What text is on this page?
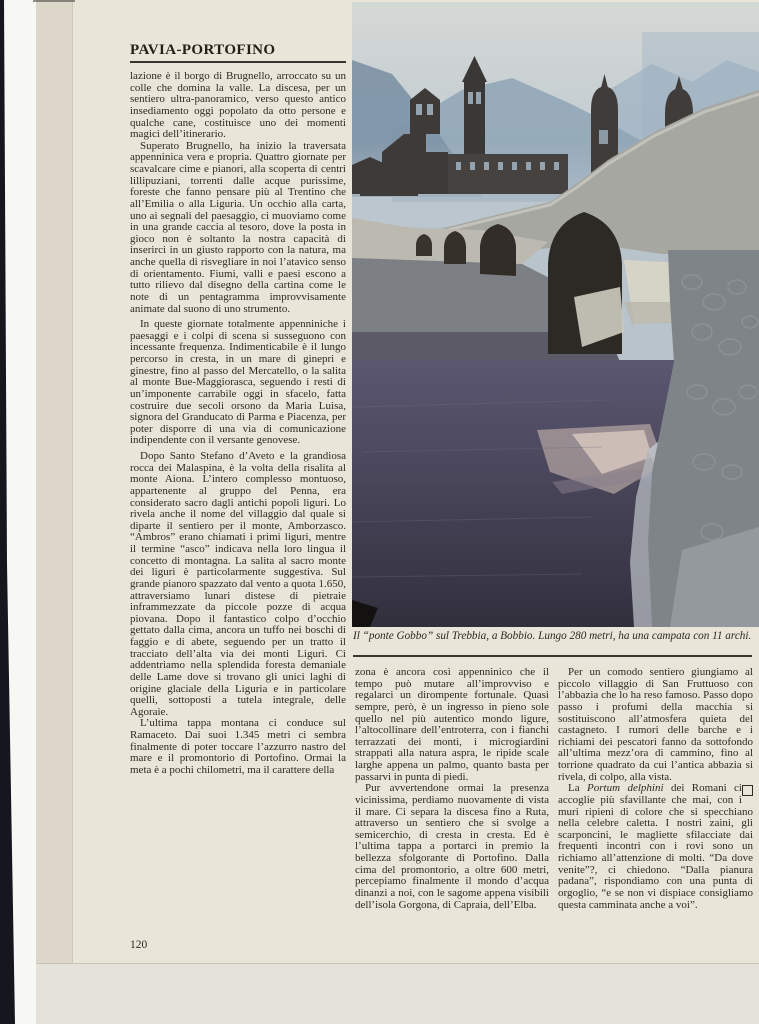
PAVIA-PORTOFINO

lazione è il borgo di Brugnello, arroccato su un colle che domina la valle. La discesa, per un sentiero ultra-panoramico, verso questo antico insediamento oggi popolato da otto persone e qualche cane, costituisce uno dei momenti magici dell’itinerario.

Superato Brugnello, ha inizio la traversata appenninica vera e propria. Quattro giornate per scavalcare cime e pianori, alla scoperta di centri lillipuziani, torrenti dalle acque purissime, foreste che fanno pensare più al Trentino che all’Emilia o alla Liguria. Un occhio alla carta, uno ai segnali del paesaggio, ci muoviamo come in una grande caccia al tesoro, dove la posta in gioco non è soltanto la nostra capacità di inserirci in un giusto rapporto con la natura, ma anche quella di risvegliare in noi l’atavico senso di orientamento. Fiumi, valli e paesi escono a tutto rilievo dal disegno della cartina come le note di un pentagramma improvvisamente animate dal suono di uno strumento.

In queste giornate totalmente appenniniche i paesaggi e i colpi di scena si susseguono con incessante frequenza. Indimenticabile è il lungo percorso in cresta, in un mare di ginepri e ginestre, fino al passo del Mercatello, o la salita al monte Bue-Maggiorasca, seguendo i resti di un’imponente carrabile oggi in sfacelo, fatta costruire due secoli orsono da Maria Luisa, signora del Granducato di Parma e Piacenza, per poter disporre di una via di comunicazione indipendente con il versante genovese.

Dopo Santo Stefano d’Aveto e la grandiosa rocca dei Malaspina, è la volta della risalita al monte Aiona. L’intero complesso montuoso, appartenente al gruppo del Penna, era considerato sacro dagli antichi popoli liguri. Lo rivela anche il nome del villaggio dal quale si diparte il sentiero per il monte, Amborzasco. “Ambros” erano chiamati i primi liguri, mentre il termine “asco” indicava nella loro lingua il concetto di montagna. La salita al sacro monte dei liguri è particolarmente suggestiva. Sul grande pianoro spazzato dal vento a quota 1.650, attraversiamo lunari distese di pietraie inframmezzate da piccole pozze di acqua piovana. Dopo il fantastico colpo d’occhio gettato dalla cima, ancora un tuffo nei boschi di faggio e di abete, seguendo per un tratto il tracciato dell’alta via dei monti Liguri. Ci addentriamo nella splendida foresta demaniale delle Lame dove si trovano gli unici laghi di origine glaciale della Liguria e in particolare quelli, sottoposti a tutela integrale, delle Agoraie.

L’ultima tappa montana ci conduce sul Ramaceto. Dai suoi 1.345 metri ci sembra finalmente di poter toccare l’azzurro nastro del mare e il promontorio di Portofino. Ormai la meta è a pochi chilometri, ma il carattere della

Il “ponte Gobbo” sul Trebbia, a Bobbio. Lungo 280 metri, ha una campata con 11 archi.

zona è ancora così appenninico che il tempo può mutare all’improvviso e regalarci un dirompente fortunale. Quasi sempre, però, è un ingresso in pieno sole quello nel più autentico mondo ligure, l’altocollinare dell’entroterra, con i fianchi terrazzati dei monti, i microgiardini strappati alla natura aspra, le ripide scale larghe appena un palmo, quanto basta per passarvi in punta di piedi.

Pur avvertendone ormai la presenza vicinissima, perdiamo nuovamente di vista il mare. Ci separa la discesa fino a Ruta, attraverso un sentiero che si svolge a semicerchio, di cresta in cresta. Ed è l’ultima tappa a portarci in premio la bellezza sfolgorante di Portofino. Dalla cima del promontorio, a oltre 600 metri, percepiamo finalmente il mondo d’acqua dinanzi a noi, con le sagome appena visibili dell’isola Gorgona, di Capraia, dell’Elba.

Per un comodo sentiero giungiamo al piccolo villaggio di San Fruttuoso con l’abbazia che lo ha reso famoso. Passo dopo passo i profumi della macchia si sostituiscono all’atmosfera quieta del castagneto. I rumori delle barche e i richiami dei pescatori fanno da sottofondo all’ultima mezz’ora di cammino, fino al torrione quadrato da cui l’antica abbazia si rivela, di colpo, alla vista.

La Portum delphini dei Romani ci accoglie più sfavillante che mai, con i muri ripieni di colore che si specchiano nella celebre caletta. I nostri zaini, gli scarponcini, le magliette sfilacciate dai frequenti incontri con i rovi sono un richiamo all’attenzione di molti. “Da dove venite”?, ci chiedono. “Dalla pianura padana”, rispondiamo con una punta di orgoglio, “e se non vi dispiace consigliamo questa camminata anche a voi”.

120
